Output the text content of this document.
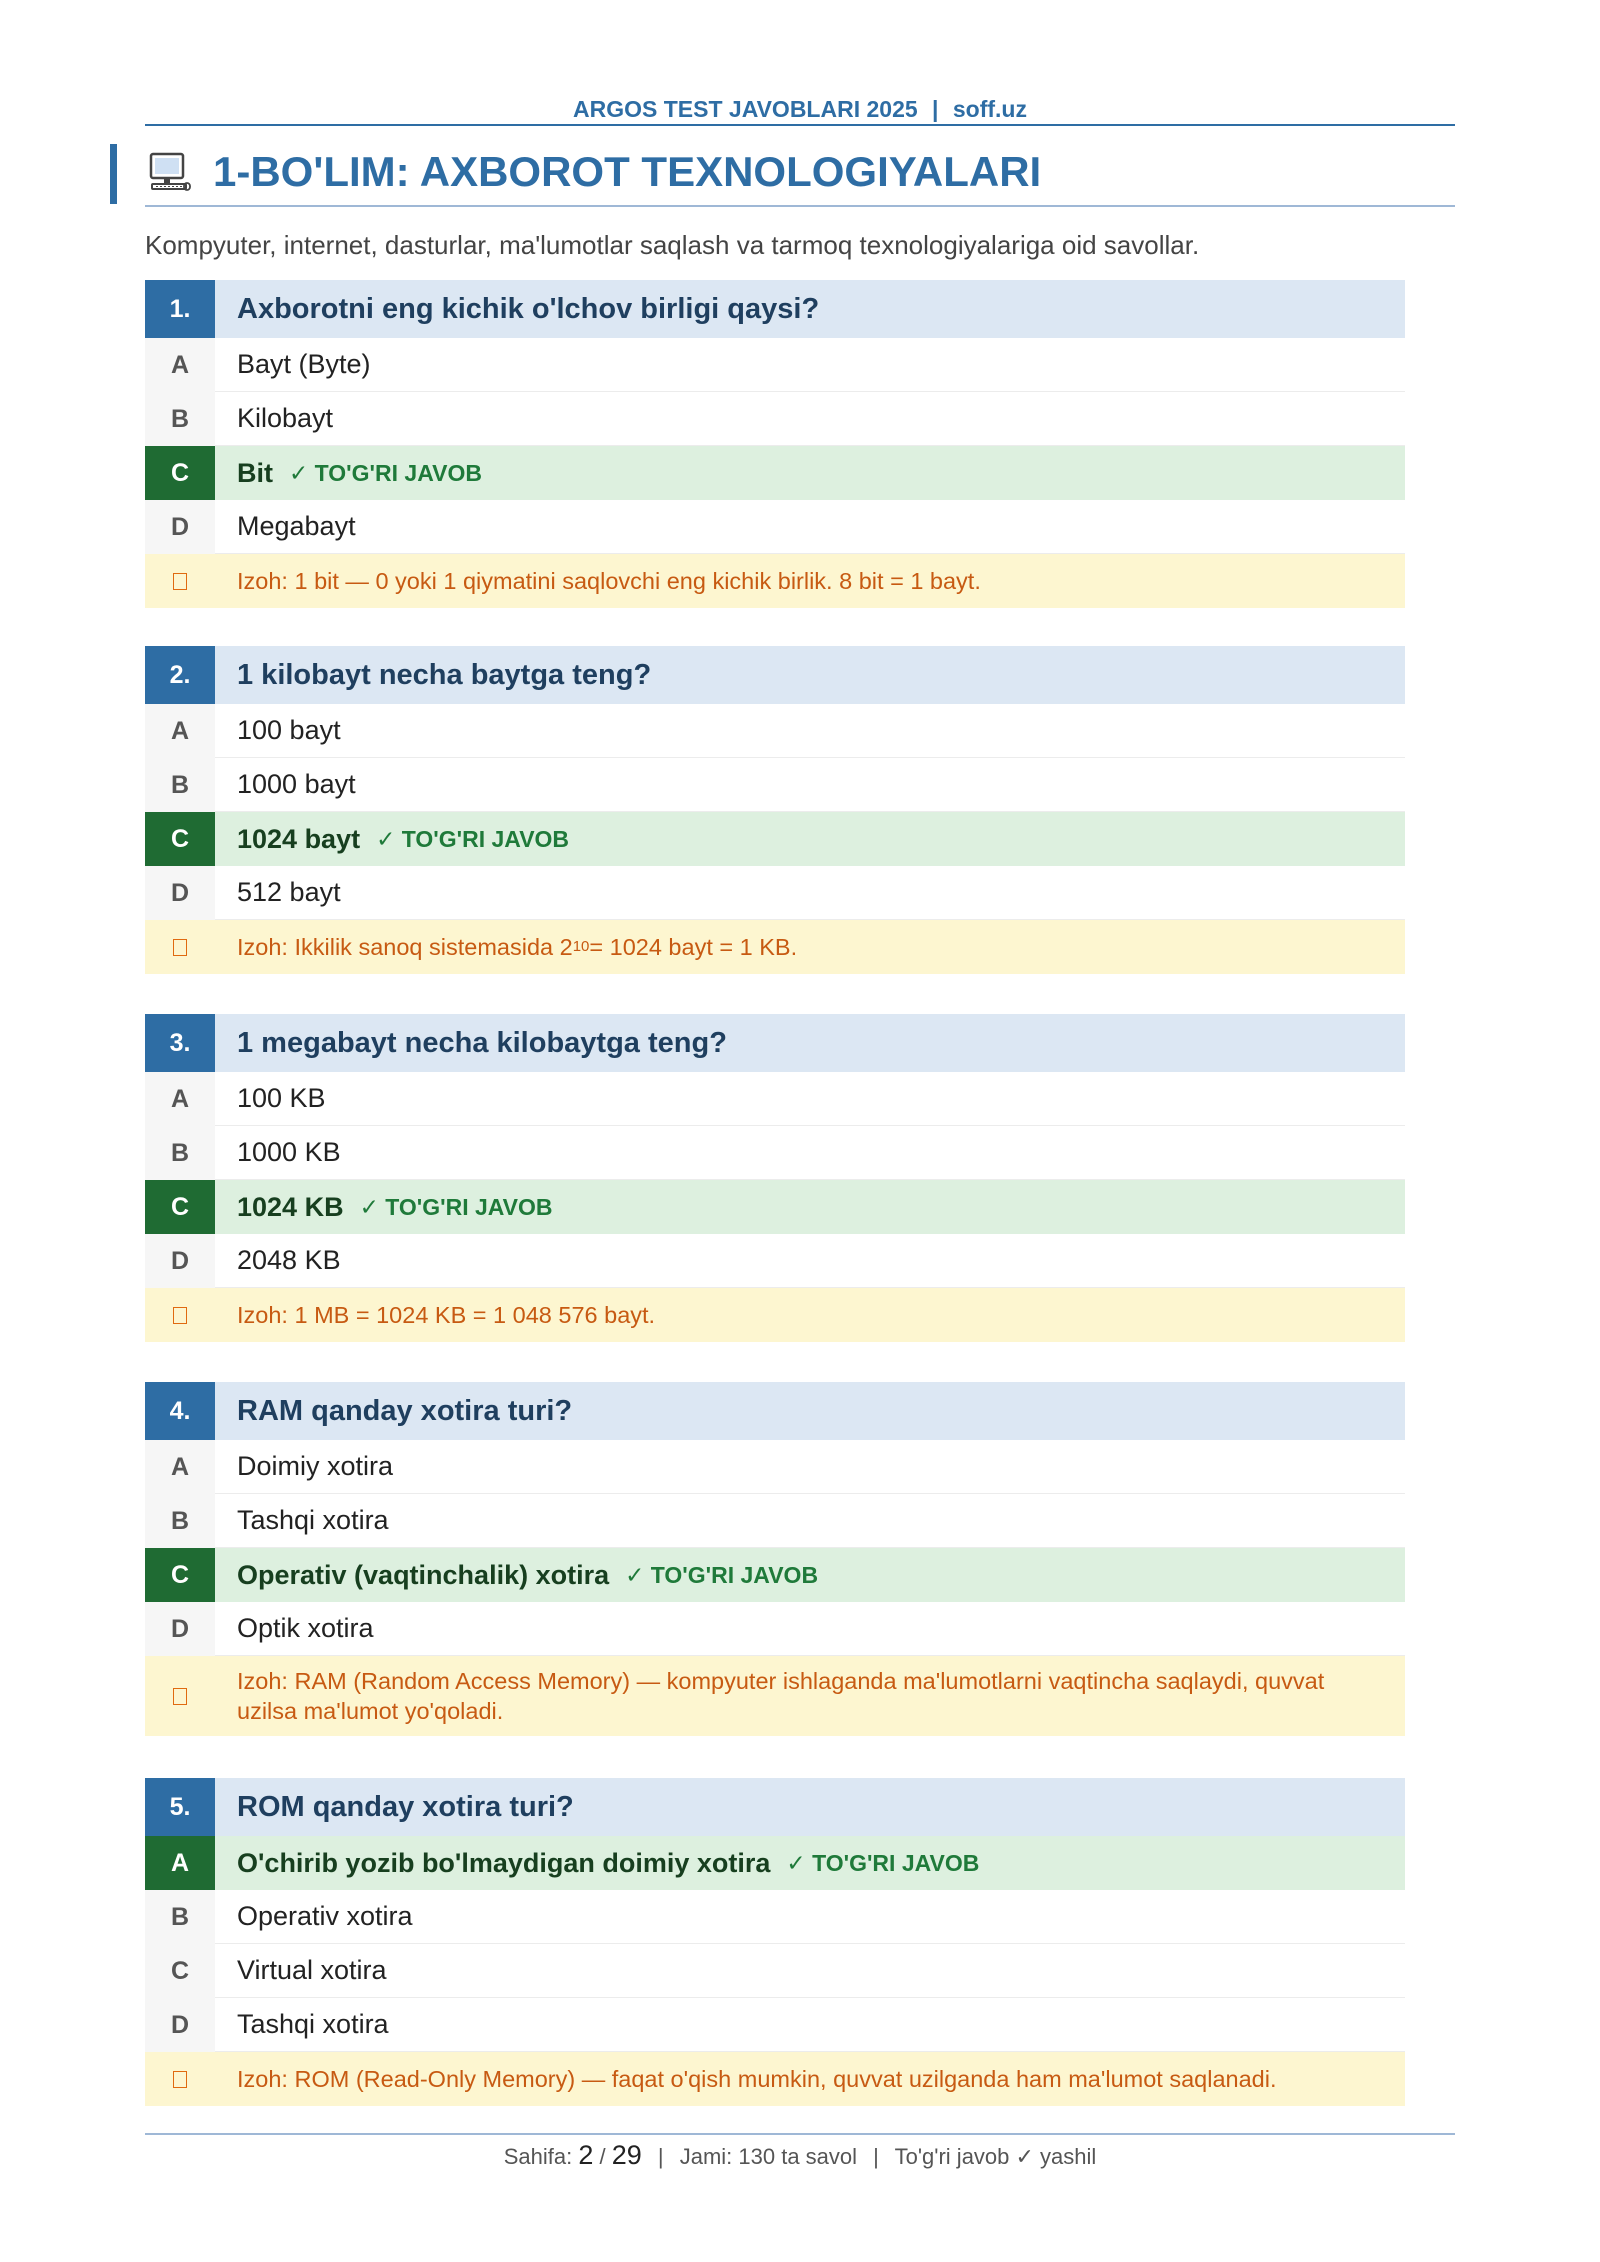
ARGOS TEST JAVOBLARI 2025 | soff.uz
1-BO'LIM: AXBOROT TEXNOLOGIYALARI
Kompyuter, internet, dasturlar, ma'lumotlar saqlash va tarmoq texnologiyalariga oid savollar.
1.	Axborotni eng kichik o'lchov birligi qaysi?
A	Bayt (Byte)
B	Kilobayt
C	Bit ✓ TO'G'RI JAVOB
D	Megabayt
Izoh: 1 bit — 0 yoki 1 qiymatini saqlovchi eng kichik birlik. 8 bit = 1 bayt.
2.	1 kilobayt necha baytga teng?
A	100 bayt
B	1000 bayt
C	1024 bayt ✓ TO'G'RI JAVOB
D	512 bayt
Izoh: Ikkilik sanoq sistemasida 2 10 = 1024 bayt = 1 KB.
3.	1 megabayt necha kilobaytga teng?
A	100 KB
B	1000 KB
C	1024 KB ✓ TO'G'RI JAVOB
D	2048 KB
Izoh: 1 MB = 1024 KB = 1 048 576 bayt.
4.	RAM qanday xotira turi?
A	Doimiy xotira
B	Tashqi xotira
C	Operativ (vaqtinchalik) xotira ✓ TO'G'RI JAVOB
D	Optik xotira
Izoh: RAM (Random Access Memory) — kompyuter ishlaganda ma'lumotlarni vaqtincha saqlaydi, quvvat uzilsa ma'lumot yo'qoladi.
5.	ROM qanday xotira turi?
A	O'chirib yozib bo'lmaydigan doimiy xotira ✓ TO'G'RI JAVOB
B	Operativ xotira
C	Virtual xotira
D	Tashqi xotira
Izoh: ROM (Read-Only Memory) — faqat o'qish mumkin, quvvat uzilganda ham ma'lumot saqlanadi.
Sahifa: 2 / 29 | Jami: 130 ta savol | To'g'ri javob ✓ yashil
